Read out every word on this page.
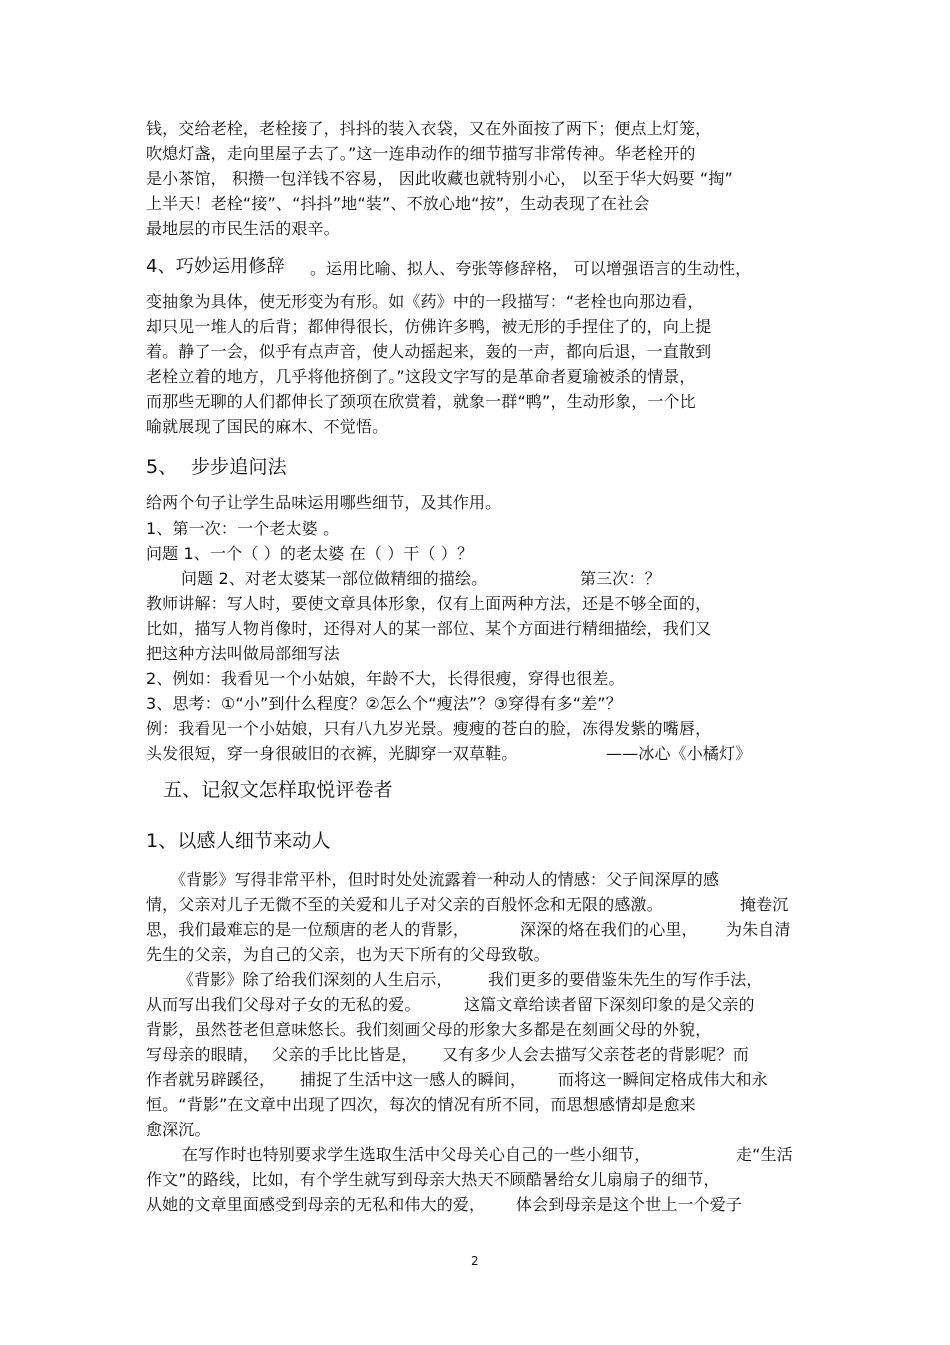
钱，交给老栓，老栓接了，抖抖的装入衣袋，又在外面按了两下；便点上灯笼，
吹熄灯盏，走向里屋子去了。”这一连串动作的细节描写非常传神。华老栓开的
是小茶馆， 积攒一包洋钱不容易， 因此收藏也就特别小心， 以至于华大妈要 “掏”
上半天！老栓“接”、“抖抖”地“装”、不放心地“按”，生动表现了在社会
最地层的市民生活的艰辛。
4、巧妙运用修辞 。运用比喻、拟人、夸张等修辞格， 可以增强语言的生动性，
变抽象为具体，使无形变为有形。如《药》中的一段描写：“老栓也向那边看，
却只见一堆人的后背；都伸得很长，仿佛许多鸭，被无形的手捏住了的，向上提
着。静了一会，似乎有点声音，使人动摇起来，轰的一声，都向后退，一直散到
老栓立着的地方，几乎将他挤倒了。”这段文字写的是革命者夏瑜被杀的情景，
而那些无聊的人们都伸长了颈项在欣赏着，就象一群“鸭”，生动形象，一个比
喻就展现了国民的麻木、不觉悟。
5、 步步追问法
给两个句子让学生品味运用哪些细节，及其作用。
1、第一次：一个老太婆 。
问题 1、一个（ ）的老太婆 在（ ）干（ ）？
问题 2、对老太婆某一部位做精细的描绘。	第三次：？
教师讲解：写人时，要使文章具体形象，仅有上面两种方法，还是不够全面的，
比如，描写人物肖像时，还得对人的某一部位、某个方面进行精细描绘，我们又
把这种方法叫做局部细写法
2、例如：我看见一个小姑娘，年龄不大，长得很瘦，穿得也很差。
3、思考：①“小”到什么程度？②怎么个“瘦法”？③穿得有多“差”？
例：我看见一个小姑娘，只有八九岁光景。瘦瘦的苍白的脸，冻得发紫的嘴唇，
头发很短，穿一身很破旧的衣裤，光脚穿一双草鞋。	——冰心《小橘灯》
五、记叙文怎样取悦评卷者
1、以感人细节来动人
《背影》写得非常平朴，但时时处处流露着一种动人的情感：父子间深厚的感
情，父亲对儿子无微不至的关爱和儿子对父亲的百般怀念和无限的感激。	掩卷沉
思，我们最难忘的是一位颓唐的老人的背影，	深深的烙在我们的心里， 为朱自清
先生的父亲，为自己的父亲，也为天下所有的父母致敬。
《背影》除了给我们深刻的人生启示， 我们更多的要借鉴朱先生的写作手法，
从而写出我们父母对子女的无私的爱。	这篇文章给读者留下深刻印象的是父亲的
背影，虽然苍老但意味悠长。我们刻画父母的形象大多都是在刻画父母的外貌，
写母亲的眼睛， 父亲的手比比皆是， 又有多少人会去描写父亲苍老的背影呢？而
作者就另辟蹊径， 捕捉了生活中这一感人的瞬间， 而将这一瞬间定格成伟大和永
恒。“背影”在文章中出现了四次，每次的情况有所不同，而思想感情却是愈来
愈深沉。
在写作时也特别要求学生选取生活中父母关心自己的一些小细节，	走“生活
作文”的路线，比如，有个学生就写到母亲大热天不顾酷暑给女儿扇扇子的细节，
从她的文章里面感受到母亲的无私和伟大的爱， 体会到母亲是这个世上一个爱子
2
